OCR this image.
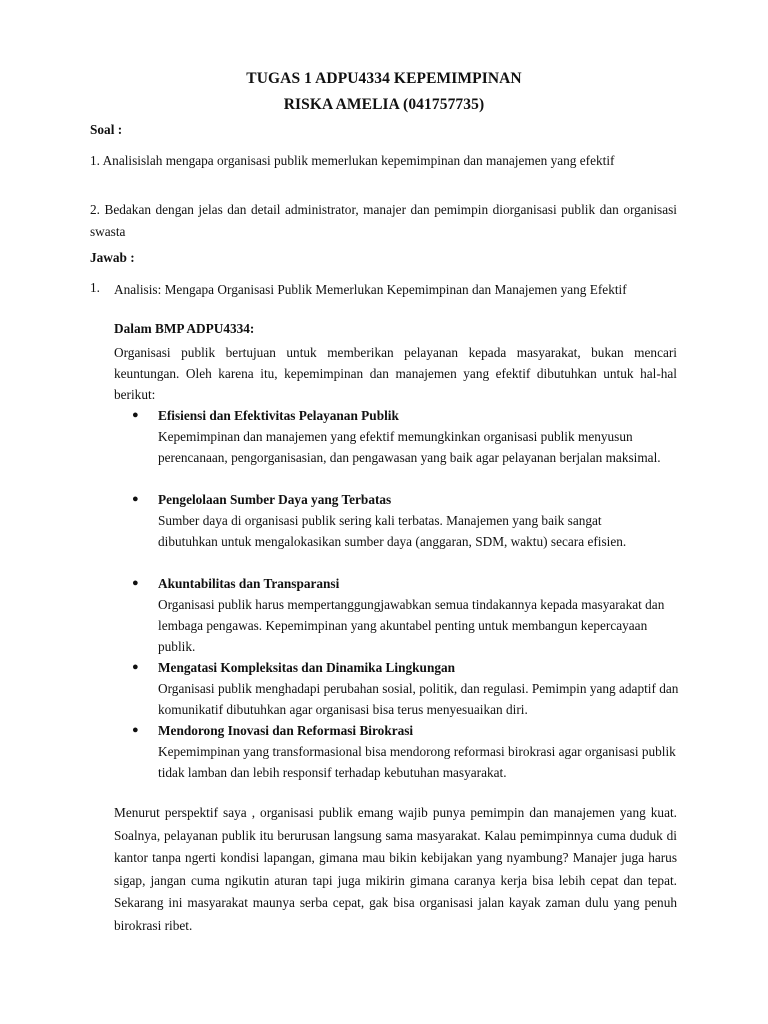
TUGAS 1 ADPU4334 KEPEMIMPINAN
RISKA AMELIA (041757735)
Soal :
1. Analisislah mengapa organisasi publik memerlukan kepemimpinan dan manajemen yang efektif
2. Bedakan dengan jelas dan detail administrator, manajer dan pemimpin diorganisasi publik dan organisasi swasta
Jawab :
1. Analisis: Mengapa Organisasi Publik Memerlukan Kepemimpinan dan Manajemen yang Efektif
Dalam BMP ADPU4334:
Organisasi publik bertujuan untuk memberikan pelayanan kepada masyarakat, bukan mencari keuntungan. Oleh karena itu, kepemimpinan dan manajemen yang efektif dibutuhkan untuk hal-hal berikut:
● Efisiensi dan Efektivitas Pelayanan Publik
Kepemimpinan dan manajemen yang efektif memungkinkan organisasi publik menyusun perencanaan, pengorganisasian, dan pengawasan yang baik agar pelayanan berjalan maksimal.
● Pengelolaan Sumber Daya yang Terbatas
Sumber daya di organisasi publik sering kali terbatas. Manajemen yang baik sangat dibutuhkan untuk mengalokasikan sumber daya (anggaran, SDM, waktu) secara efisien.
● Akuntabilitas dan Transparansi
Organisasi publik harus mempertanggungjawabkan semua tindakannya kepada masyarakat dan lembaga pengawas. Kepemimpinan yang akuntabel penting untuk membangun kepercayaan publik.
● Mengatasi Kompleksitas dan Dinamika Lingkungan
Organisasi publik menghadapi perubahan sosial, politik, dan regulasi. Pemimpin yang adaptif dan komunikatif dibutuhkan agar organisasi bisa terus menyesuaikan diri.
● Mendorong Inovasi dan Reformasi Birokrasi
Kepemimpinan yang transformasional bisa mendorong reformasi birokrasi agar organisasi publik tidak lamban dan lebih responsif terhadap kebutuhan masyarakat.
Menurut perspektif saya , organisasi publik emang wajib punya pemimpin dan manajemen yang kuat. Soalnya, pelayanan publik itu berurusan langsung sama masyarakat. Kalau pemimpinnya cuma duduk di kantor tanpa ngerti kondisi lapangan, gimana mau bikin kebijakan yang nyambung? Manajer juga harus sigap, jangan cuma ngikutin aturan tapi juga mikirin gimana caranya kerja bisa lebih cepat dan tepat. Sekarang ini masyarakat maunya serba cepat, gak bisa organisasi jalan kayak zaman dulu yang penuh birokrasi ribet.
